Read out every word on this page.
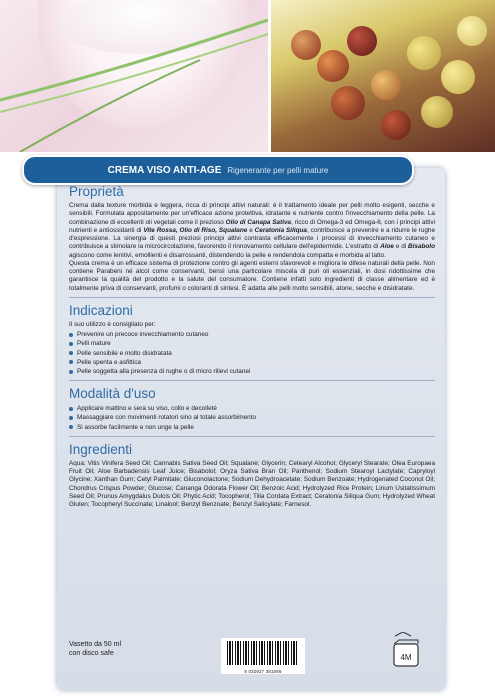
CREMA VISO ANTI-AGE Rigenerante per pelli mature
Proprietà

Crema dalla texture morbida e leggera, ricca di principi attivi naturali: è il trattamento ideale per pelli molto esigenti, secche e sensibili. Formulata appositamente per un'efficace azione protettiva, idratante e nutriente contro l'invecchiamento della pelle. La combinazione di eccellenti oli vegetali come il prezioso Olio di Canapa Sativa, ricco di Omega-3 ed Omega-6, con i principi attivi nutrienti e antiossidanti di Vite Rossa, Olio di Riso, Squalane e Ceratonia Siliqua, contribuisce a prevenire e a ridurre le rughe d'espressione. La sinergia di questi preziosi principi attivi contrasta efficacemente i processi di invecchiamento cutaneo e contribuisce a stimolare la microcircolazione, favorendo il rinnovamento cellulare dell'epidermide. L'estratto di Aloe e di Bisabolo agiscono come lenitivi, emollienti e disarrossanti, distendendo la pelle e rendendola compatta e morbida al tatto.

Questa crema è un efficace sistema di protezione contro gli agenti esterni sfavorevoli e migliora le difese naturali della pelle. Non contiene Parabeni né alcol come conservanti, bensì una particolare miscela di puri oli essenziali, in dosi ridottissime che garantisce la qualità del prodotto e la salute del consumatore. Contiene infatti solo ingredienti di classe alimentare ed è totalmente priva di conservanti, profumi o coloranti di sintesi. È adatta alle pelli molto sensibili, atone, secche e disidratate.

Indicazioni
Il suo utilizzo è consigliato per:
Prevenire un precoce invecchiamento cutaneo
Pelli mature
Pelle sensibile e molto disidratata
Pelle spenta e asfittica
Pelle soggetta alla presenza di rughe o di micro rilievi cutanei
Modalità d'uso
Applicare mattino e sera su viso, collo e decolleté
Massaggiare con movimenti rotatori sino al totale assorbimento
Si assorbe facilmente e non unge la pelle
Ingredienti

Aqua; Vitis Vinifera Seed Oil; Cannabis Sativa Seed Oil; Squalane; Glycerin; Cetearyl Alcohol; Glyceryl Stearate; Olea Europaea Fruit Oil; Aloe Barbadensis Leaf Juice; Bisabolol; Oryza Sativa Bran Oil; Panthenol; Sodium Stearoyl Lactylate; Capryloyl Glycine; Xanthan Gum; Cetyl Palmitate; Gluconolactone; Sodium Dehydroacetate; Sodium Benzoate; Hydrogenated Coconut Oil; Chondrus Crispus Powder; Glucose; Cananga Odorata Flower Oil; Benzoic Acid; Hydrolyzed Rice Protein; Linum Usitatissimum Seed Oil; Prunus Amygdalus Dulcis Oil; Phytic Acid; Tocopherol; Tilia Cordata Extract; Ceratonia Siliqua Gum; Hydrolyzed Wheat Gluten; Tocopheryl Succinate; Linalool; Benzyl Benzoate; Benzyl Salicylate; Farnesol.

Vasetto da 50 ml
con disco safe
8 032927 351066
4M
